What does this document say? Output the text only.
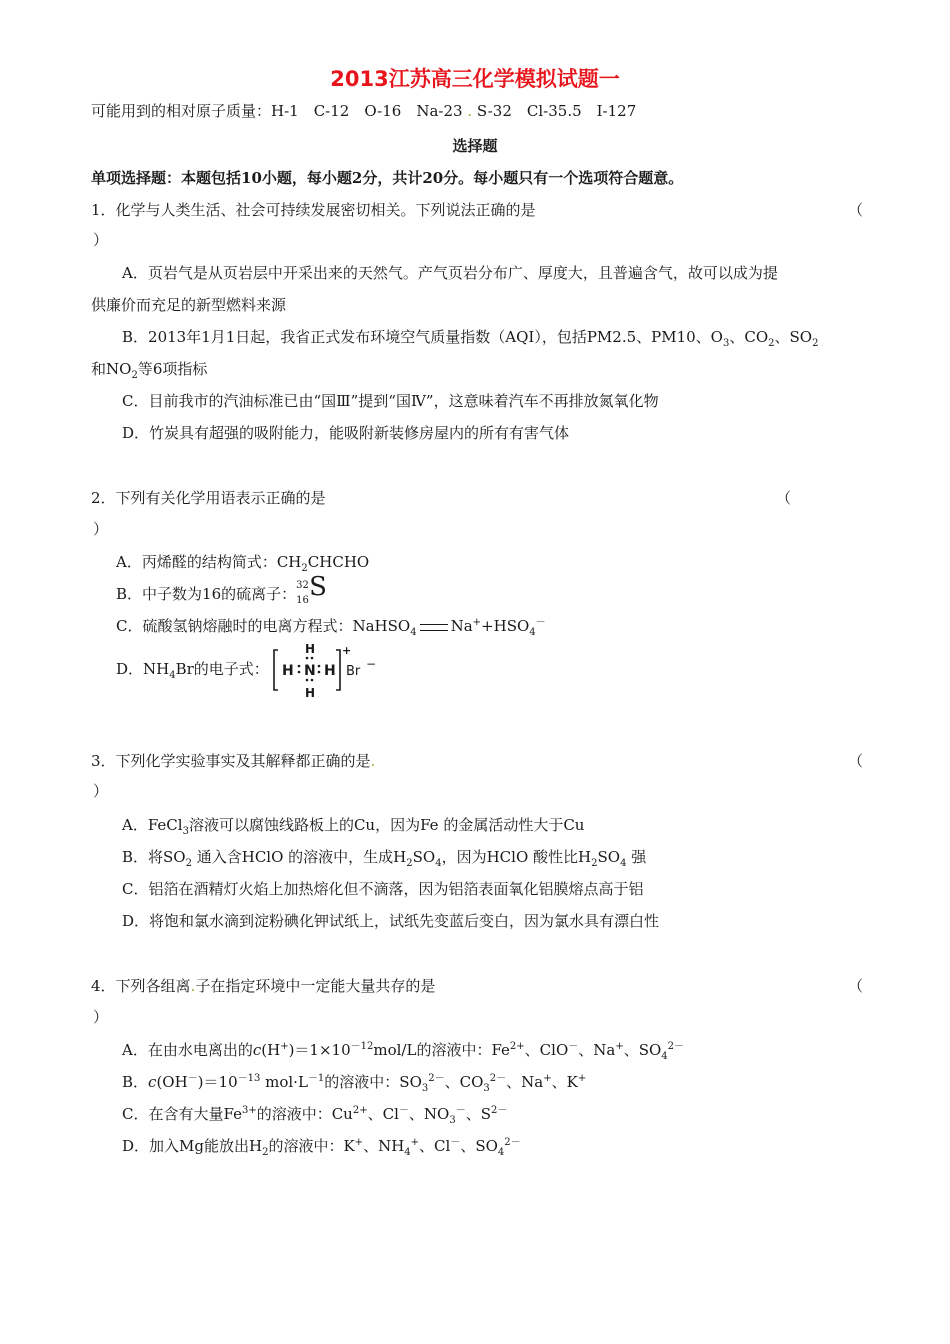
2013江苏高三化学模拟试题一
可能用到的相对原子质量：H-1　C-12　O-16　Na-23 . S-32　Cl-35.5　I-127
选择题
单项选择题：本题包括10小题，每小题2分，共计20分。每小题只有一个选项符合题意。
1．化学与人类生活、社会可持续发展密切相关。下列说法正确的是	（
）
A．页岩气是从页岩层中开采出来的天然气。产气页岩分布广、厚度大，且普遍含气，故可以成为提
供廉价而充足的新型燃料来源
B．2013年1月1日起，我省正式发布环境空气质量指数（AQI），包括PM2.5、PM10、$O_3$、$CO_2$、$SO_2$
和$NO_2$等6项指标
C．目前我市的汽油标准已由“国Ⅲ”提到“国Ⅳ”，这意味着汽车不再排放氮氧化物
D．竹炭具有超强的吸附能力，能吸附新装修房屋内的所有有害气体
2．下列有关化学用语表示正确的是	（
）
A．丙烯醛的结构简式：$CH_2CHCHO$
B．中子数为16的硫离子： 32
16 S
C．硫酸氢钠熔融时的电离方程式：NaHSO$_4$ $Na^++HSO_4^-$
D．$NH_4Br$的电子式： H N H
H
H
+
Br −
3．下列化学实验事实及其解释都正确的是.	（
）
A．FeCl$_3$溶液可以腐蚀线路板上的Cu，因为Fe 的金属活动性大于Cu
B．将$SO_2$ 通入含HClO 的溶液中，生成$H_2SO_4$，因为HClO 酸性比$H_2SO_4$ 强
C．铝箔在酒精灯火焰上加热熔化但不滴落，因为铝箔表面氧化铝膜熔点高于铝
D．将饱和氯水滴到淀粉碘化钾试纸上，试纸先变蓝后变白，因为氯水具有漂白性
4．下列各组离.子在指定环境中一定能大量共存的是	（
）
A．在由水电离出的$c(H^+)=1\times 10^{-12}mol/L$的溶液中：$Fe^{2+}$、ClO－、Na+、$SO_4^{2-}$
B．$c(OH^-)=10^{-13}$ $mol\cdot L^{-1}$的溶液中：$SO_3^{2-}$、$CO_3^{2-}$、Na+、K+
C．在含有大量$Fe^{3+}$的溶液中：$Cu^{2+}$、Cl－、$NO_3^-$、$S^{2-}$
D．加入Mg能放出$H_2$的溶液中：K+、$NH_4^+$、Cl－、$SO_4^{2-}$
